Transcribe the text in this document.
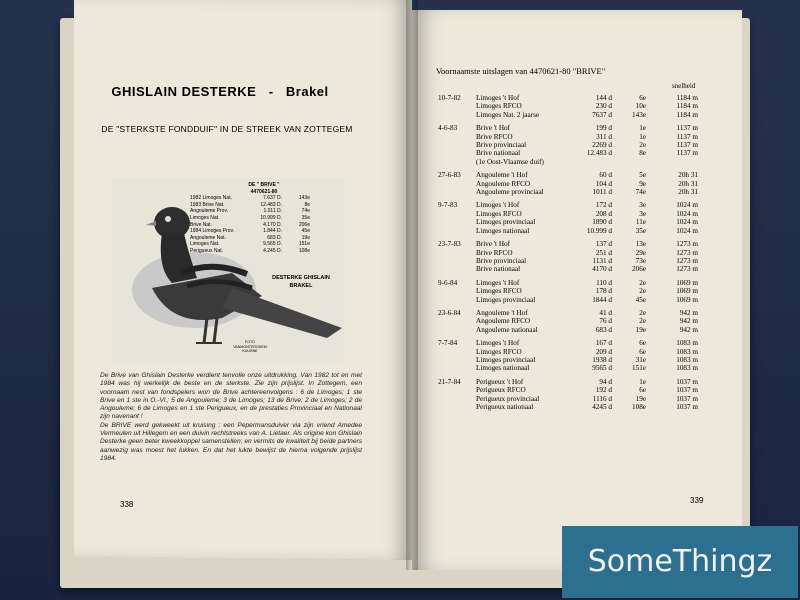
GHISLAIN DESTERKE - Brakel
DE "STERKSTE FONDDUIF" IN DE STREEK VAN ZOTTEGEM
DE " BRIVE "
4470621-80
1982 Limoges Nat.	7.637 D.	143e
1983 Brive Nat.	12.483 D.	8e
Angouleme Prov.	1.011 D.	74e
Limoges Nat.	10.999 D.	35e
Brive Nat.	4.170 D.	206e
1984 Limoges Prov.	1.844 D.	45e
Angouleme Nat.	683 D.	19e
Limoges Nat.	9.565 D.	151e
Perigueux Nat.	4.245 D.	108e
DESTERKE GHISLAIN
BRAKEL
FOTO VANMONTERGHEM
KUURNE

De Brive van Ghislain Desterke verdient tenvolle onze uitdrukking. Van 1982 tot en met 1984 was hij werkelijk de beste en de sterkste. Zie zijn prijslijst. In Zottegem, een voornaam nest van fondspelers won de Brive achtereenvolgens : 6 de Limoges; 1 ste Brive en 1 ste in O.-Vl.; 5 de Angouleme; 3 de Limoges; 13 de Brive; 2 de Limoges; 2 de Angouleme; 6 de Limoges en 1 ste Perigueux, en de prestaties Provinciaal en Nationaal zijn navenant !

De BRIVE werd gekweekt uit kruising : een Pepermansduiver via zijn vriend Amedee Vermeulen uit Hillegem en een duivin rechtstreeks van A. Lietaer. Als origine kon Ghislain Desterke geen beter kweekkoppel samenstellen; en vermits de kwaliteit bij beide partners aanwezig was moest het lukken. En dat het lukte bewijst de hierna volgende prijslijst 1984.

338
Voornaamste uitslagen van 4470621-80 "BRIVE"
snelheid
10-7-82	Limoges 't Hof	144 d	6e	1184 m
Limoges RFCO	230 d	10e	1184 m
Limoges Nat. 2 jaarse	7637 d	143e	1184 m
4-6-83	Brive 't Hof	199 d	1e	1137 m
Brive RFCO	311 d	1e	1137 m
Brive provinciaal	2269 d	2e	1137 m
Brive nationaal	12.483 d	8e	1137 m
(1e Oost-Vlaamse duif)
27-6-83	Angouleme 't Hof	60 d	5e	20h 31
Angouleme RFCO	104 d	9e	20h 31
Angouleme provinciaal	1011 d	74e	20h 31
9-7-83	Limoges 't Hof	172 d	3e	1024 m
Limoges RFCO	208 d	3e	1024 m
Limoges provinciaal	1890 d	11e	1024 m
Limoges nationaal	10.999 d	35e	1024 m
23-7-83	Brive 't Hof	137 d	13e	1273 m
Brive RFCO	251 d	29e	1273 m
Brive provinciaal	1131 d	73e	1273 m
Brive nationaal	4170 d	206e	1273 m
9-6-84	Limoges 't Hof	110 d	2e	1069 m
Limoges RFCO	178 d	2e	1069 m
Limoges provinciaal	1844 d	45e	1069 m
23-6-84	Angouleme 't Hof	41 d	2e	942 m
Angouleme RFCO	76 d	2e	942 m
Angouleme nationaal	683 d	19e	942 m
7-7-84	Limoges 't Hof	167 d	6e	1083 m
Limoges RFCO	209 d	6e	1083 m
Limoges provinciaal	1938 d	31e	1083 m
Limoges nationaal	9565 d	151e	1083 m
21-7-84	Perigueux 't Hof	94 d	1e	1037 m
Perigueux RFCO	192 d	6e	1037 m
Perigueux provinciaal	1116 d	19e	1037 m
Perigueux nationaal	4245 d	108e	1037 m
339
SomeThingz
